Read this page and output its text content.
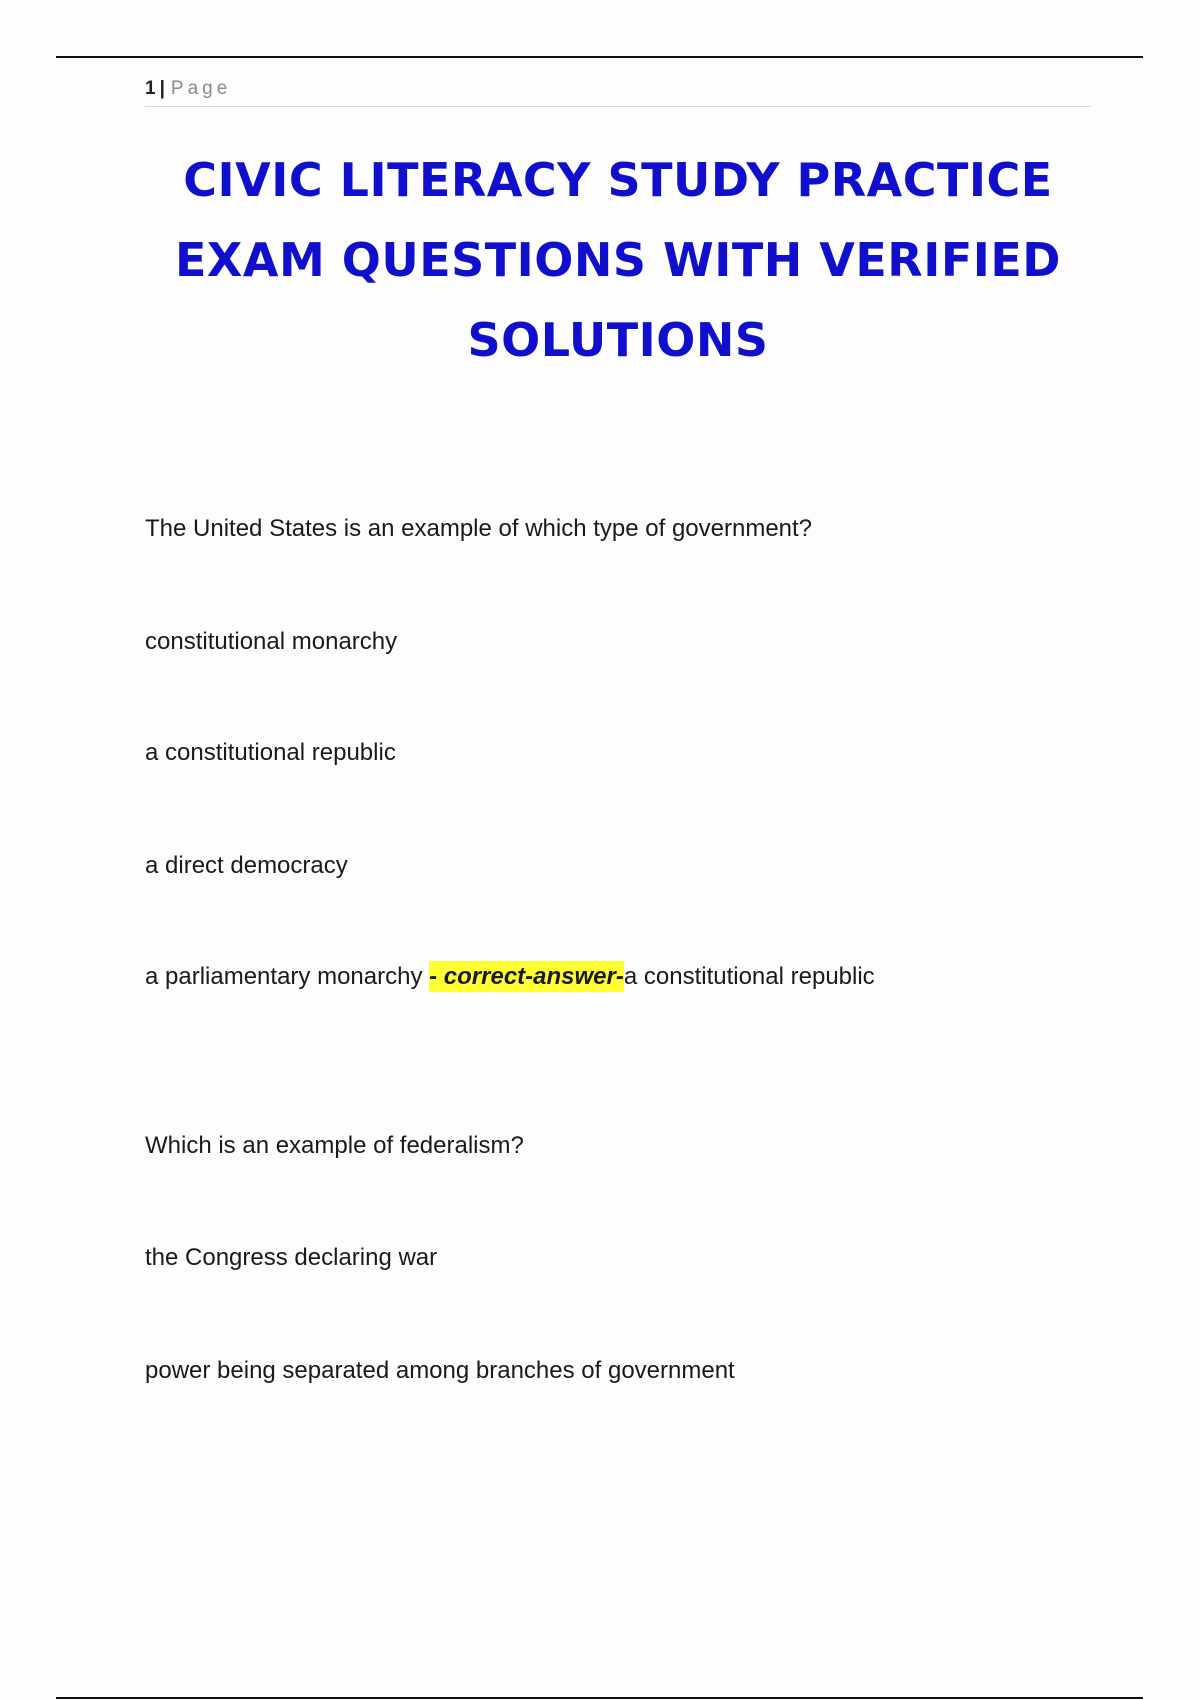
1 | Page
CIVIC LITERACY STUDY PRACTICE
EXAM QUESTIONS WITH VERIFIED
SOLUTIONS
The United States is an example of which type of government?
constitutional monarchy
a constitutional republic
a direct democracy
a parliamentary monarchy - correct-answer-a constitutional republic
Which is an example of federalism?
the Congress declaring war
power being separated among branches of government
